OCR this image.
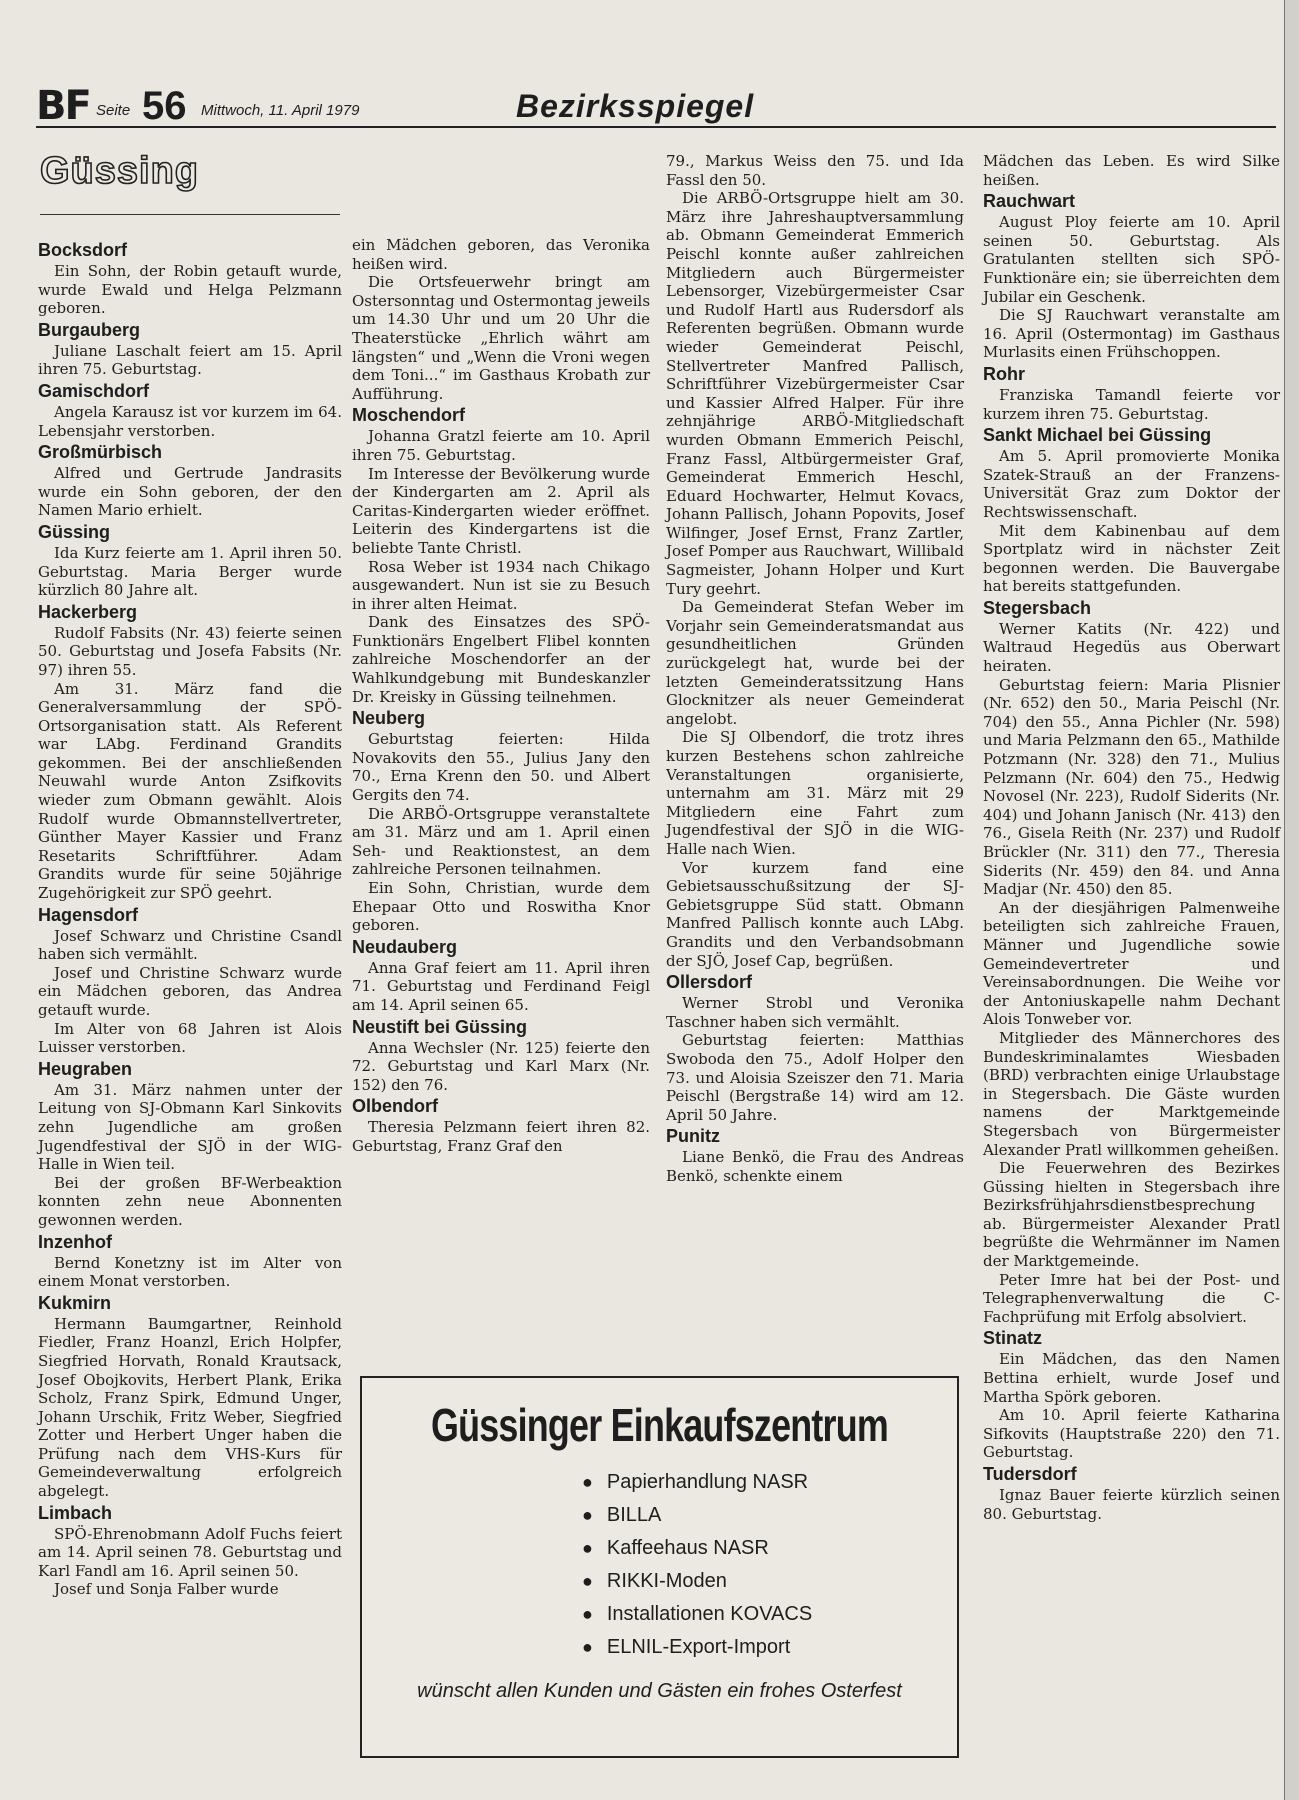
BF Seite 56 Mittwoch, 11. April 1979	Bezirksspiegel
Güssing
Bocksdorf

Ein Sohn, der Robin getauft wurde, wurde Ewald und Helga Pelzmann geboren.

Burgauberg

Juliane Laschalt feiert am 15. April ihren 75. Geburtstag.

Gamischdorf

Angela Karausz ist vor kurzem im 64. Lebensjahr verstorben.

Großmürbisch

Alfred und Gertrude Jandrasits wurde ein Sohn geboren, der den Namen Mario erhielt.

Güssing

Ida Kurz feierte am 1. April ihren 50. Geburtstag. Maria Berger wurde kürzlich 80 Jahre alt.

Hackerberg

Rudolf Fabsits (Nr. 43) feierte seinen 50. Geburtstag und Josefa Fabsits (Nr. 97) ihren 55.

Am 31. März fand die Generalversammlung der SPÖ-Ortsorganisation statt. Als Referent war LAbg. Ferdinand Grandits gekommen. Bei der anschließenden Neuwahl wurde Anton Zsifkovits wieder zum Obmann gewählt. Alois Rudolf wurde Obmannstellvertreter, Günther Mayer Kassier und Franz Resetarits Schriftführer. Adam Grandits wurde für seine 50jährige Zugehörigkeit zur SPÖ geehrt.

Hagensdorf

Josef Schwarz und Christine Csandl haben sich vermählt.

Josef und Christine Schwarz wurde ein Mädchen geboren, das Andrea getauft wurde.

Im Alter von 68 Jahren ist Alois Luisser verstorben.

Heugraben

Am 31. März nahmen unter der Leitung von SJ-Obmann Karl Sinkovits zehn Jugendliche am großen Jugendfestival der SJÖ in der WIG-Halle in Wien teil.

Bei der großen BF-Werbeaktion konnten zehn neue Abonnenten gewonnen werden.

Inzenhof

Bernd Konetzny ist im Alter von einem Monat verstorben.

Kukmirn

Hermann Baumgartner, Reinhold Fiedler, Franz Hoanzl, Erich Holpfer, Siegfried Horvath, Ronald Krautsack, Josef Obojkovits, Herbert Plank, Erika Scholz, Franz Spirk, Edmund Unger, Johann Urschik, Fritz Weber, Siegfried Zotter und Herbert Unger haben die Prüfung nach dem VHS-Kurs für Gemeindeverwaltung erfolgreich abgelegt.

Limbach

SPÖ-Ehrenobmann Adolf Fuchs feiert am 14. April seinen 78. Geburtstag und Karl Fandl am 16. April seinen 50.

Josef und Sonja Falber wurde

ein Mädchen geboren, das Veronika heißen wird.

Die Ortsfeuerwehr bringt am Ostersonntag und Ostermontag jeweils um 14.30 Uhr und um 20 Uhr die Theaterstücke „Ehrlich währt am längsten“ und „Wenn die Vroni wegen dem Toni...“ im Gasthaus Krobath zur Aufführung.

Moschendorf

Johanna Gratzl feierte am 10. April ihren 75. Geburtstag.

Im Interesse der Bevölkerung wurde der Kindergarten am 2. April als Caritas-Kindergarten wieder eröffnet. Leiterin des Kindergartens ist die beliebte Tante Christl.

Rosa Weber ist 1934 nach Chikago ausgewandert. Nun ist sie zu Besuch in ihrer alten Heimat.

Dank des Einsatzes des SPÖ-Funktionärs Engelbert Flibel konnten zahlreiche Moschendorfer an der Wahlkundgebung mit Bundeskanzler Dr. Kreisky in Güssing teilnehmen.

Neuberg

Geburtstag feierten: Hilda Novakovits den 55., Julius Jany den 70., Erna Krenn den 50. und Albert Gergits den 74.

Die ARBÖ-Ortsgruppe veranstaltete am 31. März und am 1. April einen Seh- und Reaktionstest, an dem zahlreiche Personen teilnahmen.

Ein Sohn, Christian, wurde dem Ehepaar Otto und Roswitha Knor geboren.

Neudauberg

Anna Graf feiert am 11. April ihren 71. Geburtstag und Ferdinand Feigl am 14. April seinen 65.

Neustift bei Güssing

Anna Wechsler (Nr. 125) feierte den 72. Geburtstag und Karl Marx (Nr. 152) den 76.

Olbendorf

Theresia Pelzmann feiert ihren 82. Geburtstag, Franz Graf den

79., Markus Weiss den 75. und Ida Fassl den 50.

Die ARBÖ-Ortsgruppe hielt am 30. März ihre Jahreshauptversammlung ab. Obmann Gemeinderat Emmerich Peischl konnte außer zahlreichen Mitgliedern auch Bürgermeister Lebensorger, Vizebürgermeister Csar und Rudolf Hartl aus Rudersdorf als Referenten begrüßen. Obmann wurde wieder Gemeinderat Peischl, Stellvertreter Manfred Pallisch, Schriftführer Vizebürgermeister Csar und Kassier Alfred Halper. Für ihre zehnjährige ARBÖ-Mitgliedschaft wurden Obmann Emmerich Peischl, Franz Fassl, Altbürgermeister Graf, Gemeinderat Emmerich Heschl, Eduard Hochwarter, Helmut Kovacs, Johann Pallisch, Johann Popovits, Josef Wilfinger, Josef Ernst, Franz Zartler, Josef Pomper aus Rauchwart, Willibald Sagmeister, Johann Holper und Kurt Tury geehrt.

Da Gemeinderat Stefan Weber im Vorjahr sein Gemeinderatsmandat aus gesundheitlichen Gründen zurückgelegt hat, wurde bei der letzten Gemeinderatssitzung Hans Glocknitzer als neuer Gemeinderat angelobt.

Die SJ Olbendorf, die trotz ihres kurzen Bestehens schon zahlreiche Veranstaltungen organisierte, unternahm am 31. März mit 29 Mitgliedern eine Fahrt zum Jugendfestival der SJÖ in die WIG-Halle nach Wien.

Vor kurzem fand eine Gebietsausschußsitzung der SJ-Gebietsgruppe Süd statt. Obmann Manfred Pallisch konnte auch LAbg. Grandits und den Verbandsobmann der SJÖ, Josef Cap, begrüßen.

Ollersdorf

Werner Strobl und Veronika Taschner haben sich vermählt.

Geburtstag feierten: Matthias Swoboda den 75., Adolf Holper den 73. und Aloisia Szeiszer den 71. Maria Peischl (Bergstraße 14) wird am 12. April 50 Jahre.

Punitz

Liane Benkö, die Frau des Andreas Benkö, schenkte einem

Mädchen das Leben. Es wird Silke heißen.

Rauchwart

August Ploy feierte am 10. April seinen 50. Geburtstag. Als Gratulanten stellten sich SPÖ-Funktionäre ein; sie überreichten dem Jubilar ein Geschenk.

Die SJ Rauchwart veranstalte am 16. April (Ostermontag) im Gasthaus Murlasits einen Frühschoppen.

Rohr

Franziska Tamandl feierte vor kurzem ihren 75. Geburtstag.

Sankt Michael bei Güssing

Am 5. April promovierte Monika Szatek-Strauß an der Franzens-Universität Graz zum Doktor der Rechtswissenschaft.

Mit dem Kabinenbau auf dem Sportplatz wird in nächster Zeit begonnen werden. Die Bauvergabe hat bereits stattgefunden.

Stegersbach

Werner Katits (Nr. 422) und Waltraud Hegedüs aus Oberwart heiraten.

Geburtstag feiern: Maria Plisnier (Nr. 652) den 50., Maria Peischl (Nr. 704) den 55., Anna Pichler (Nr. 598) und Maria Pelzmann den 65., Mathilde Potzmann (Nr. 328) den 71., Mulius Pelzmann (Nr. 604) den 75., Hedwig Novosel (Nr. 223), Rudolf Siderits (Nr. 404) und Johann Janisch (Nr. 413) den 76., Gisela Reith (Nr. 237) und Rudolf Brückler (Nr. 311) den 77., Theresia Siderits (Nr. 459) den 84. und Anna Madjar (Nr. 450) den 85.

An der diesjährigen Palmenweihe beteiligten sich zahlreiche Frauen, Männer und Jugendliche sowie Gemeindevertreter und Vereinsabordnungen. Die Weihe vor der Antoniuskapelle nahm Dechant Alois Tonweber vor.

Mitglieder des Männerchores des Bundeskriminalamtes Wiesbaden (BRD) verbrachten einige Urlaubstage in Stegersbach. Die Gäste wurden namens der Marktgemeinde Stegersbach von Bürgermeister Alexander Pratl willkommen geheißen.

Die Feuerwehren des Bezirkes Güssing hielten in Stegersbach ihre Bezirksfrühjahrsdienstbesprechung ab. Bürgermeister Alexander Pratl begrüßte die Wehrmänner im Namen der Marktgemeinde.

Peter Imre hat bei der Post- und Telegraphenverwaltung die C-Fachprüfung mit Erfolg absolviert.

Stinatz

Ein Mädchen, das den Namen Bettina erhielt, wurde Josef und Martha Spörk geboren.

Am 10. April feierte Katharina Sifkovits (Hauptstraße 220) den 71. Geburtstag.

Tudersdorf

Ignaz Bauer feierte kürzlich seinen 80. Geburtstag.

Güssinger Einkaufszentrum
● Papierhandlung NASR
● BILLA
● Kaffeehaus NASR
● RIKKI-Moden
● Installationen KOVACS
● ELNIL-Export-Import
wünscht allen Kunden und Gästen ein frohes Osterfest
